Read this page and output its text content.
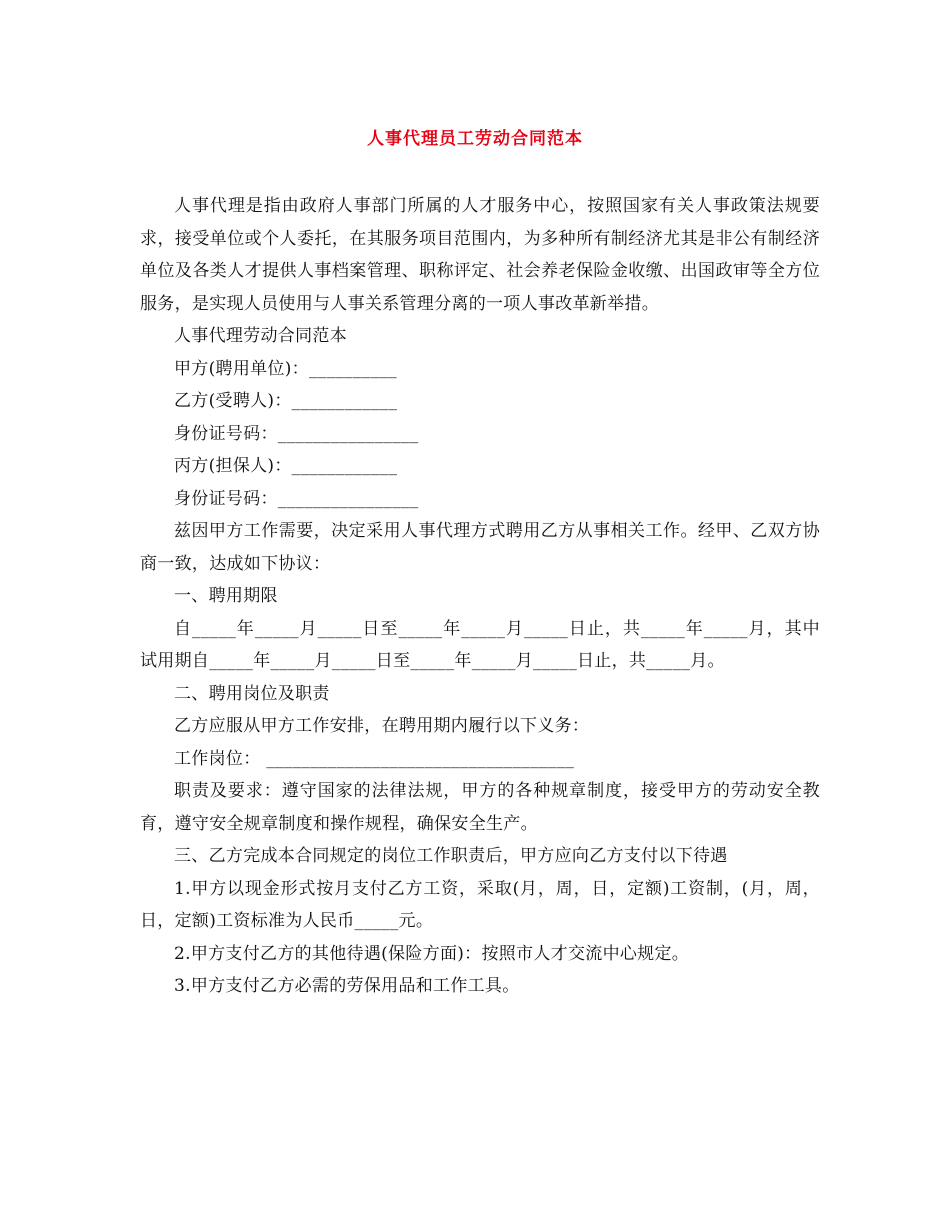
人事代理员工劳动合同范本
人事代理是指由政府人事部门所属的人才服务中心，按照国家有关人事政策法规要求，接受单位或个人委托，在其服务项目范围内，为多种所有制经济尤其是非公有制经济单位及各类人才提供人事档案管理、职称评定、社会养老保险金收缴、出国政审等全方位服务，是实现人员使用与人事关系管理分离的一项人事改革新举措。
人事代理劳动合同范本
甲方(聘用单位)：__________
乙方(受聘人)：____________
身份证号码：________________
丙方(担保人)：____________
身份证号码：________________
兹因甲方工作需要，决定采用人事代理方式聘用乙方从事相关工作。经甲、乙双方协商一致，达成如下协议：
一、聘用期限
自_____年_____月_____日至_____年_____月_____日止，共_____年_____月，其中试用期自_____年_____月_____日至_____年_____月_____日止，共_____月。
二、聘用岗位及职责
乙方应服从甲方工作安排，在聘用期内履行以下义务：
工作岗位： ___________________________________
职责及要求：遵守国家的法律法规，甲方的各种规章制度，接受甲方的劳动安全教育，遵守安全规章制度和操作规程，确保安全生产。
三、乙方完成本合同规定的岗位工作职责后，甲方应向乙方支付以下待遇
1.甲方以现金形式按月支付乙方工资，采取(月，周，日，定额)工资制，(月，周，日，定额)工资标准为人民币_____元。
2.甲方支付乙方的其他待遇(保险方面)：按照市人才交流中心规定。
3.甲方支付乙方必需的劳保用品和工作工具。
